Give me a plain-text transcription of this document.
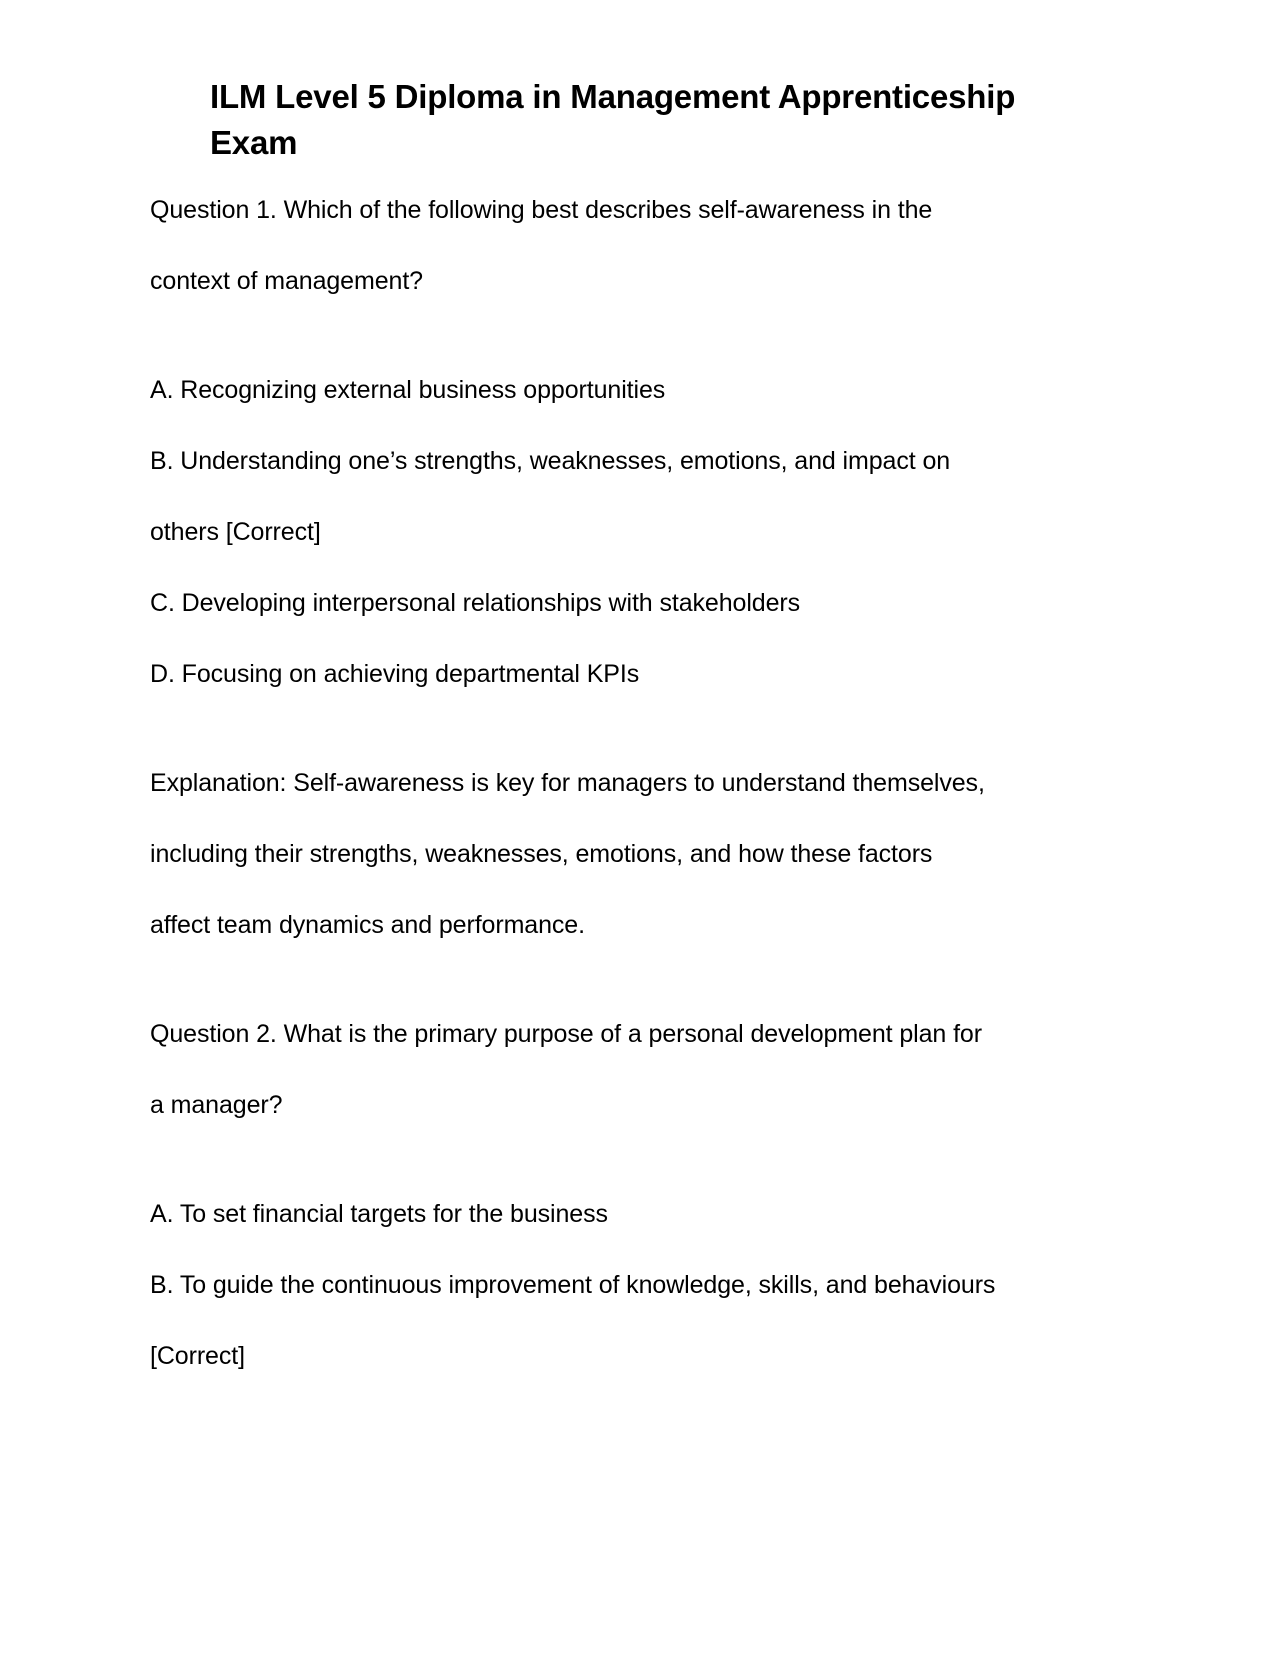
ILM Level 5 Diploma in Management Apprenticeship
Exam
Question 1. Which of the following best describes self-awareness in the
context of management?
A. Recognizing external business opportunities
B. Understanding one’s strengths, weaknesses, emotions, and impact on
others [Correct]
C. Developing interpersonal relationships with stakeholders
D. Focusing on achieving departmental KPIs
Explanation: Self-awareness is key for managers to understand themselves,
including their strengths, weaknesses, emotions, and how these factors
affect team dynamics and performance.
Question 2. What is the primary purpose of a personal development plan for
a manager?
A. To set financial targets for the business
B. To guide the continuous improvement of knowledge, skills, and behaviours
[Correct]
